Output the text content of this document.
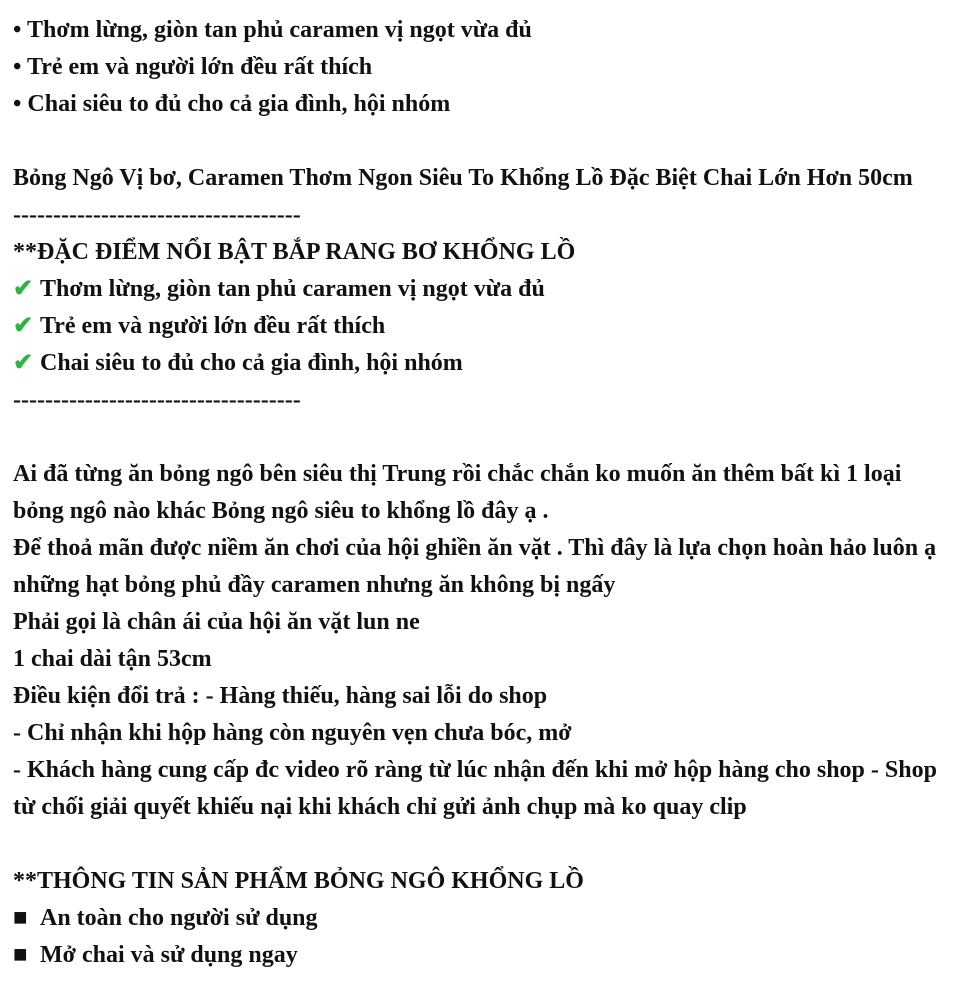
• Thơm lừng, giòn tan phủ caramen vị ngọt vừa đủ
• Trẻ em và người lớn đều rất thích
• Chai siêu to đủ cho cả gia đình, hội nhóm
Bỏng Ngô Vị bơ, Caramen Thơm Ngon Siêu To Khổng Lồ Đặc Biệt Chai Lớn Hơn 50cm
------------------------------------
**ĐẶC ĐIỂM NỔI BẬT BẮP RANG BƠ KHỔNG LỒ
✔ Thơm lừng, giòn tan phủ caramen vị ngọt vừa đủ
✔ Trẻ em và người lớn đều rất thích
✔ Chai siêu to đủ cho cả gia đình, hội nhóm
------------------------------------
Ai đã từng ăn bỏng ngô bên siêu thị Trung rồi chắc chắn ko muốn ăn thêm bất kì 1 loại bỏng ngô nào khác Bỏng ngô siêu to khổng lồ đây ạ .
Để thoả mãn được niềm ăn chơi của hội ghiền ăn vặt . Thì đây là lựa chọn hoàn hảo luôn ạ những hạt bỏng phủ đầy caramen nhưng ăn không bị ngấy
Phải gọi là chân ái của hội ăn vặt lun ne
1 chai dài tận 53cm
Điều kiện đổi trả : - Hàng thiếu, hàng sai lỗi do shop
- Chỉ nhận khi hộp hàng còn nguyên vẹn chưa bóc, mở
- Khách hàng cung cấp đc video rõ ràng từ lúc nhận đến khi mở hộp hàng cho shop - Shop từ chối giải quyết khiếu nại khi khách chỉ gửi ảnh chụp mà ko quay clip
**THÔNG TIN SẢN PHẨM BỎNG NGÔ KHỔNG LỒ
■ An toàn cho người sử dụng
■ Mở chai và sử dụng ngay
